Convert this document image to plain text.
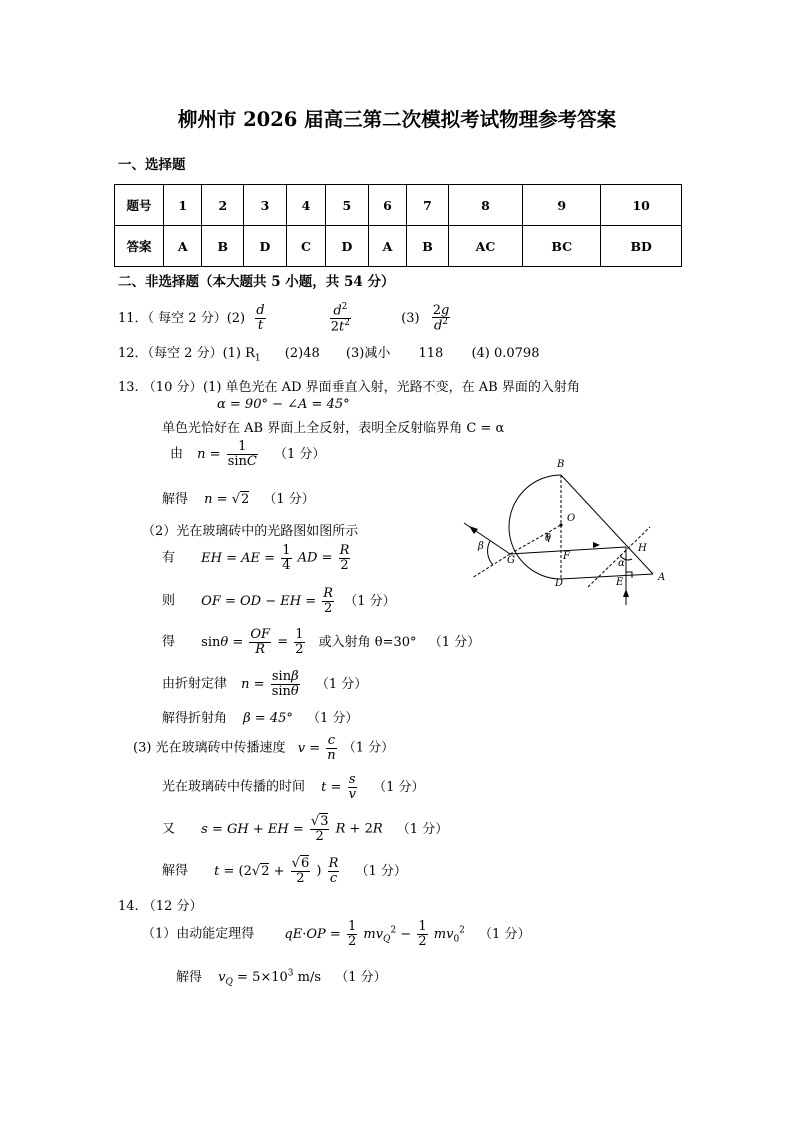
柳州市 2026 届高三第二次模拟考试物理参考答案
一、选择题
题号	1	2	3	4	5	6	7	8	9	10
答案	A	B	D	C	D	A	B	AC	BC	BD
二、非选择题（本大题共 5 小题，共 54 分）
11．（ 每空 2 分）$(2) \frac{d}{t}$
	$\frac{d^2}{2t^2}$	$(3) \frac{2g}{d^2}$
12．（每空 2 分）(1) $R_1$ (2)48 (3)减小 118 (4) 0.0798
13. （10 分） (1) 单色光在 AD 界面垂直入射，光路不变，在 AB 界面的入射角
α = 90° − ∠A = 45°
单色光恰好在 AB 界面上全反射，表明全反射临界角 C = α
由 $n = \frac{1}{\sin C} (1$ 分）
解得 n = √2 （1 分）
（2）光在玻璃砖中的光路图如图所示
有 EH = AE = $\frac{1}{4}$ AD = $\frac{R}{2}$
则 OF = OD − EH = $\frac{R}{2} (1$ 分）
得 $\sin\theta = \frac{OF}{R} = \frac{1}{2}$ 或入射角 θ=30° （1 分）
由折射定律 $n = \frac{\sin\beta}{\sin\theta} (1$ 分）
解得折射角 β = 45° （1 分）
(3) 光在玻璃砖中传播速度 $v = \frac{c}{n} (1$ 分）
光在玻璃砖中传播的时间 $t = \frac{s}{v} (1$ 分）
又 s = GH + EH = $\frac{√3}{2}$ R + 2R （1 分）
解得 $t = (2√2 + \frac{√6}{2}$ ) $\frac{R}{c} (1$ 分）
B
O
θ
β
G	F
H
α
D	E	A
14. （12 分）
（1）由动能定理得 $qE\cdot OP = \frac{1}{2} mv_Q^2 - \frac{1}{2} mv_0^2$ （1 分）
解得 $v_Q = 5\times 10^3$ m/s （1 分）
